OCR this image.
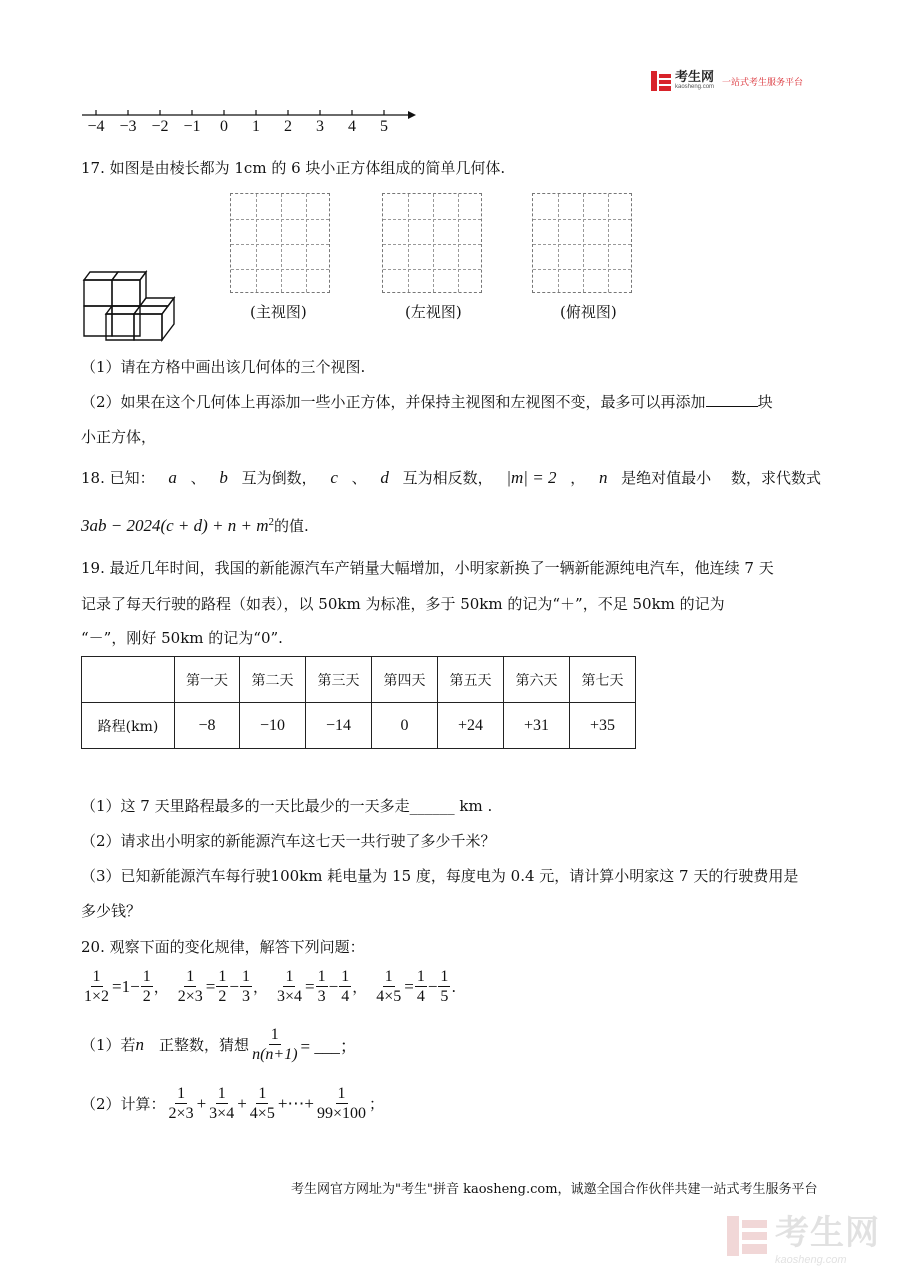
考生网
kaosheng.com 一站式考生服务平台
−4 −3 −2 −1	0	1	2	3	4	5
17. 如图是由棱长都为 1cm 的 6 块小正方体组成的简单几何体.
(主视图)	(左视图)	(俯视图)
（1）请在方格中画出该几何体的三个视图.
（2）如果在这个几何体上再添加一些小正方体，并保持主视图和左视图不变，最多可以再添加	块
小正方体，
18. 已知： a 、 b 互为倒数， c 、 d 互为相反数， |m| = 2 ， n 是绝对值最小　 数，求代数式
$3ab - 2024(c + d) + n + m^2$的值.
19. 最近几年时间，我国的新能源汽车产销量大幅增加，小明家新换了一辆新能源纯电汽车，他连续 7 天
记录了每天行驶的路程（如表），以 50km 为标准，多于 50km 的记为“＋”，不足 50km 的记为
“－”，刚好 50km 的记为“0”.
	第一天	第二天	第三天	第四天	第五天	第六天	第七天
路程(km)	−8	−10	−14	0	+24	+31	+35
（1）这 7 天里路程最多的一天比最少的一天多走______ km .
（2）请求出小明家的新能源汽车这七天一共行驶了多少千米？
（3）已知新能源汽车每行驶100km 耗电量为 15 度，每度电为 0.4 元，请计算小明家这 7 天的行驶费用是
多少钱？
20. 观察下面的变化规律，解答下列问题：
$\frac{1}{1\times 2} = 1 - \frac{1}{2}$ ， $\frac{1}{2\times 3} = \frac{1}{2} - \frac{1}{3}$ ， $\frac{1}{3\times 4} = \frac{1}{3} - \frac{1}{4}$ ， $\frac{1}{4\times 5} = \frac{1}{4} - \frac{1}{5}$ .
（1）若 n 　正整数，猜想 $\frac{1}{n(n+1)}$ = ___；
（2）计算： $\frac{1}{2\times 3} + \frac{1}{3\times 4} + \frac{1}{4\times 5}$ +⋯+ $\frac{1}{99\times 100}$ ；
考生网官方网址为"考生"拼音 kaosheng.com，诚邀全国合作伙伴共建一站式考生服务平台
考生网
kaosheng.com
